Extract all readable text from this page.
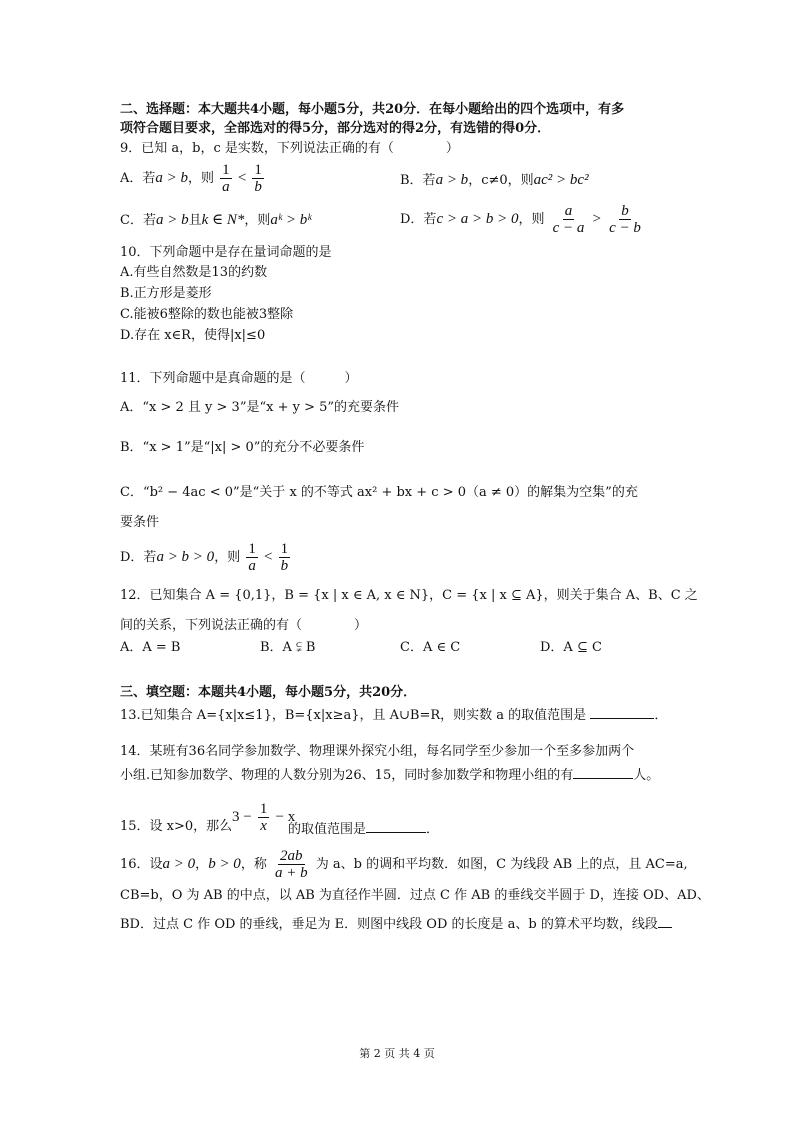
二、选择题：本大题共4小题，每小题5分，共20分．在每小题给出的四个选项中，有多
项符合题目要求，全部选对的得5分，部分选对的得2分，有选错的得0分．
9．已知 a，b，c 是实数，下列说法正确的有（　　　　）
A．若a > b，则 $\frac{1}{a} < \frac{1}{b}$	B．若a > b，c≠0，则ac² > bc²
C．若a > b且k ∈ N*，则aᵏ > bᵏ	D．若c > a > b > 0，则 $\frac{a}{c - a} > \frac{b}{c - b}$
10．下列命题中是存在量词命题的是
A.有些自然数是13的约数
B.正方形是菱形
C.能被6整除的数也能被3整除
D.存在 x∈R，使得|x|≤0
11．下列命题中是真命题的是（　　　）
A．“x > 2 且 y > 3”是“x + y > 5”的充要条件
B．“x > 1”是“|x| > 0”的充分不必要条件
C．“b² − 4ac < 0”是“关于 x 的不等式 ax² + bx + c > 0（a ≠ 0）的解集为空集”的充
要条件
D．若a > b > 0，则 $\frac{1}{a} < \frac{1}{b}$
12．已知集合 A = {0,1}，B = {x | x ∈ A, x ∈ N}，C = {x | x ⊆ A}，则关于集合 A、B、C 之
间的关系，下列说法正确的有（　　　　）
A．A = B	B．A ⫋ B	C．A ∈ C	D．A ⊆ C
三、填空题：本题共4小题，每小题5分，共20分．
13.已知集合 A={x|x≤1}，B={x|x≥a}，且 A∪B=R，则实数 a 的取值范围是	．
14．某班有36名同学参加数学、物理课外探究小组，每名同学至少参加一个至多参加两个
小组.已知参加数学、物理的人数分别为26、15，同时参加数学和物理小组的有	人。
15．设 x>0，那么
$3 - \frac{1}{x} - x$
的取值范围是	．
16．设a > 0，b > 0，称 $\frac{2ab}{a + b}$ 为 a、b 的调和平均数．如图，C 为线段 AB 上的点，且 AC=a,
CB=b，O 为 AB 的中点，以 AB 为直径作半圆．过点 C 作 AB 的垂线交半圆于 D，连接 OD、AD、
BD．过点 C 作 OD 的垂线，垂足为 E．则图中线段 OD 的长度是 a、b 的算术平均数，线段
第 2 页 共 4 页
